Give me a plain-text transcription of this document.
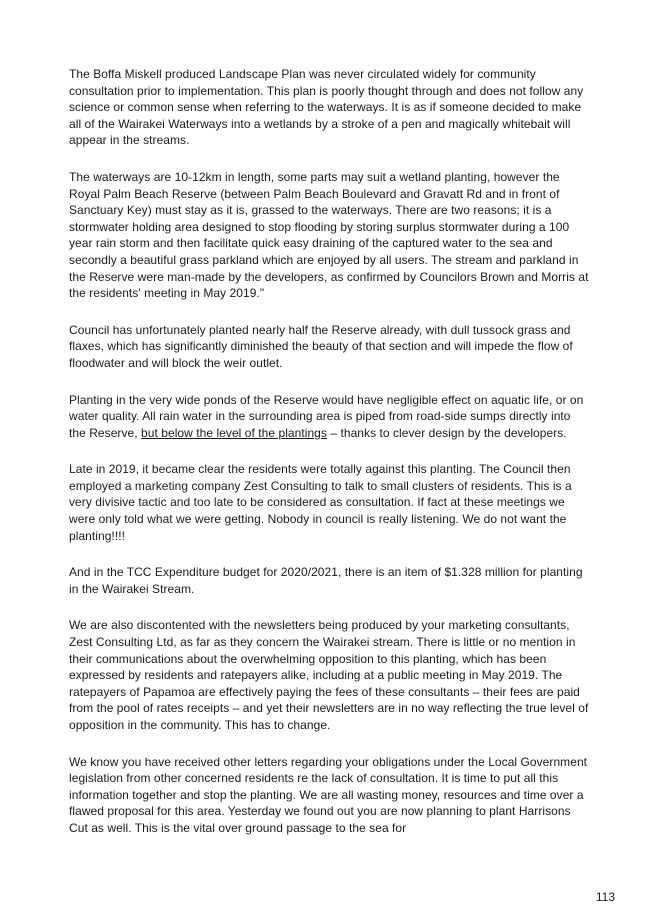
The Boffa Miskell produced Landscape Plan was never circulated widely for community consultation prior to implementation. This plan is poorly thought through and does not follow any science or common sense when referring to the waterways. It is as if someone decided to make all of the Wairakei Waterways into a wetlands by a stroke of a pen and magically whitebait will appear in the streams.

The waterways are 10-12km in length, some parts may suit a wetland planting, however the Royal Palm Beach Reserve (between Palm Beach Boulevard and Gravatt Rd and in front of Sanctuary Key) must stay as it is, grassed to the waterways. There are two reasons; it is a stormwater holding area designed to stop flooding by storing surplus stormwater during a 100 year rain storm and then facilitate quick easy draining of the captured water to the sea and secondly a beautiful grass parkland which are enjoyed by all users. The stream and parkland in the Reserve were man-made by the developers, as confirmed by Councilors Brown and Morris at the residents' meeting in May 2019."

Council has unfortunately planted nearly half the Reserve already, with dull tussock grass and flaxes, which has significantly diminished the beauty of that section and will impede the flow of floodwater and will block the weir outlet.

Planting in the very wide ponds of the Reserve would have negligible effect on aquatic life, or on water quality. All rain water in the surrounding area is piped from road-side sumps directly into the Reserve, but below the level of the plantings – thanks to clever design by the developers.

Late in 2019, it became clear the residents were totally against this planting. The Council then employed a marketing company Zest Consulting to talk to small clusters of residents. This is a very divisive tactic and too late to be considered as consultation. If fact at these meetings we were only told what we were getting. Nobody in council is really listening. We do not want the planting!!!!

And in the TCC Expenditure budget for 2020/2021, there is an item of $1.328 million for planting in the Wairakei Stream.

We are also discontented with the newsletters being produced by your marketing consultants, Zest Consulting Ltd, as far as they concern the Wairakei stream. There is little or no mention in their communications about the overwhelming opposition to this planting, which has been expressed by residents and ratepayers alike, including at a public meeting in May 2019. The ratepayers of Papamoa are effectively paying the fees of these consultants – their fees are paid from the pool of rates receipts – and yet their newsletters are in no way reflecting the true level of opposition in the community. This has to change.

We know you have received other letters regarding your obligations under the Local Government legislation from other concerned residents re the lack of consultation. It is time to put all this information together and stop the planting. We are all wasting money, resources and time over a flawed proposal for this area. Yesterday we found out you are now planning to plant Harrisons Cut as well. This is the vital over ground passage to the sea for

113
